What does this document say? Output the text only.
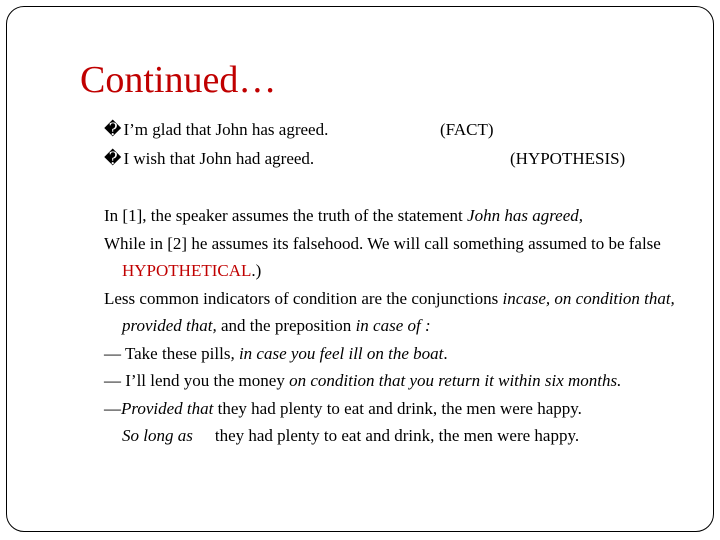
Continued…
� I’m glad that John has agreed.	(FACT)
� I wish that John had agreed.	(HYPOTHESIS)

In [1], the speaker assumes the truth of the statement John has agreed,

While in [2] he assumes its falsehood. We will call something assumed to be false HYPOTHETICAL.)

Less common indicators of condition are the conjunctions incase, on condition that, provided that, and the preposition in case of :

— Take these pills, in case you feel ill on the boat.

— I’ll lend you the money on condition that you return it within six months.

—Provided that they had plenty to eat and drink, the men were happy.

So long as they had plenty to eat and drink, the men were happy.
